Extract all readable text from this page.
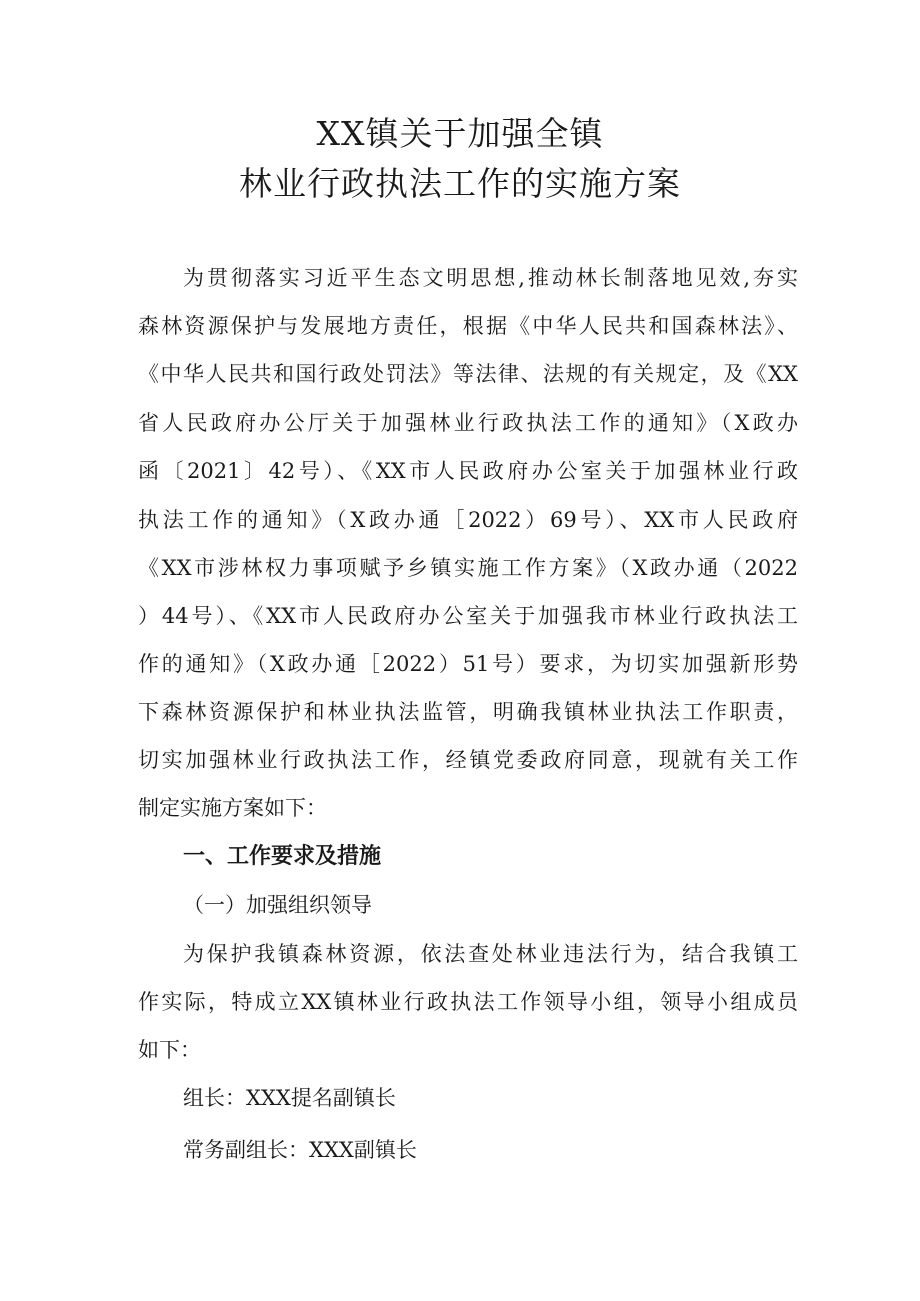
XX镇关于加强全镇
林业行政执法工作的实施方案
为贯彻落实习近平生态文明思想,推动林长制落地见效,夯实
森林资源保护与发展地方责任，根据《中华人民共和国森林法》、
《中华人民共和国行政处罚法》等法律、法规的有关规定，及《XX
省人民政府办公厅关于加强林业行政执法工作的通知》（X政办
函〔2021〕42号）、《XX市人民政府办公室关于加强林业行政
执法工作的通知》（X政办通［2022）69号）、XX市人民政府
《XX市涉林权力事项赋予乡镇实施工作方案》（X政办通（2022
）44号）、《XX市人民政府办公室关于加强我市林业行政执法工
作的通知》（X政办通［2022）51号）要求，为切实加强新形势
下森林资源保护和林业执法监管，明确我镇林业执法工作职责，
切实加强林业行政执法工作，经镇党委政府同意，现就有关工作
制定实施方案如下：
一、工作要求及措施
（一）加强组织领导
为保护我镇森林资源，依法查处林业违法行为，结合我镇工
作实际，特成立XX镇林业行政执法工作领导小组，领导小组成员
如下：
组长：XXX提名副镇长
常务副组长：XXX副镇长
